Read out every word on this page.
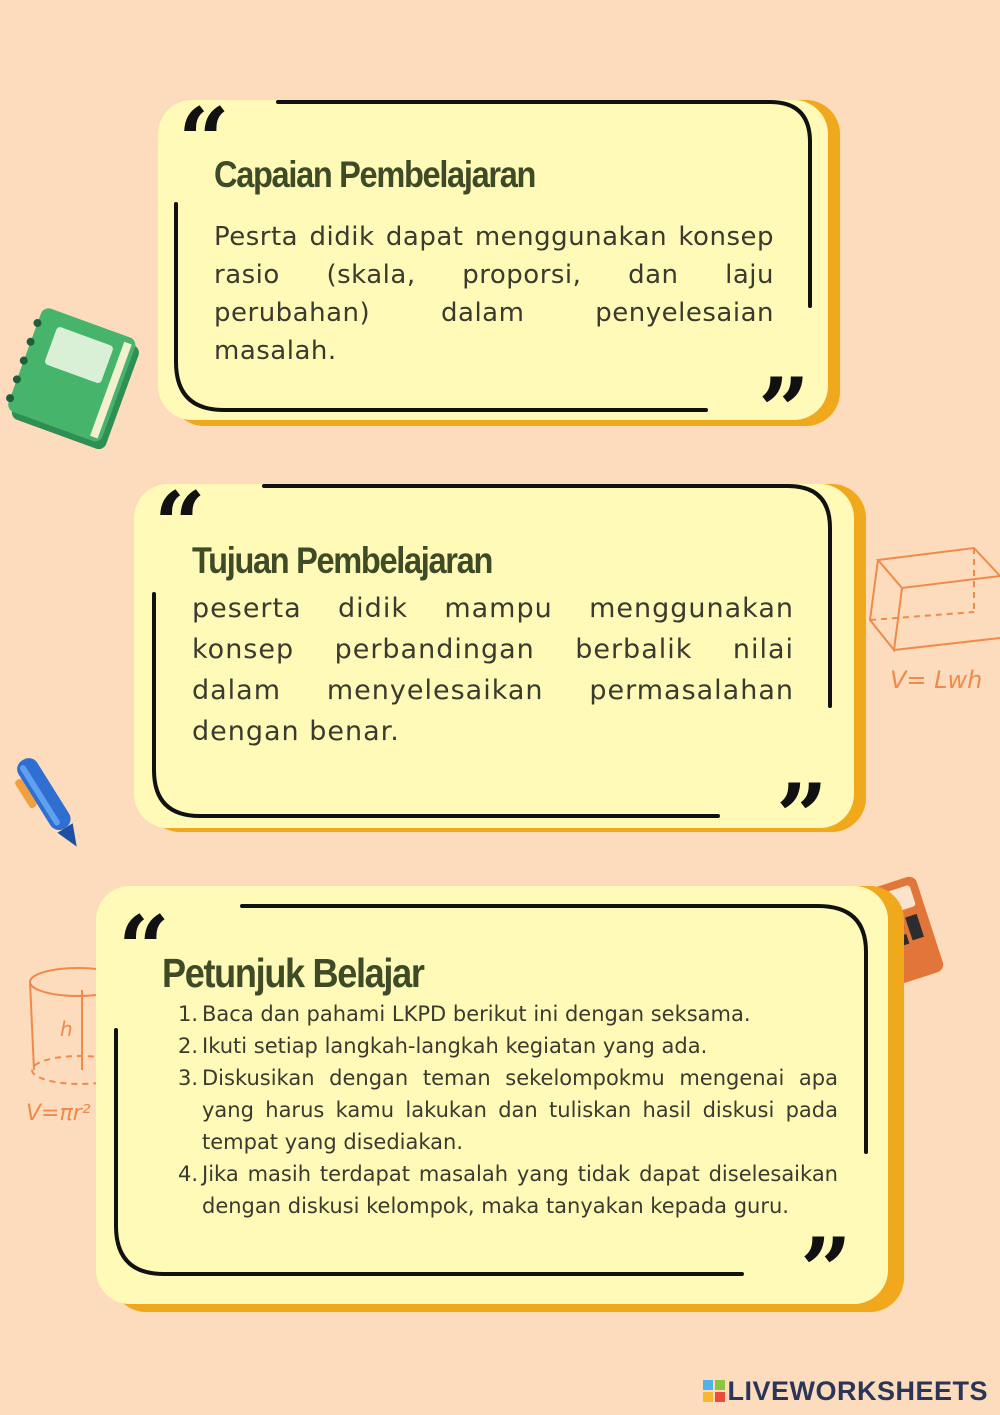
V= Lwh
h
V=πr²
“
”
Capaian Pembelajaran
Pesrta didik dapat menggunakan konsep rasio (skala, proporsi, dan laju perubahan) dalam penyelesaian masalah.
“
”
Tujuan Pembelajaran
peserta didik mampu menggunakan konsep perbandingan berbalik nilai dalam menyelesaikan permasalahan dengan benar.
“
”
Petunjuk Belajar
1. Baca dan pahami LKPD berikut ini dengan seksama.
2. Ikuti setiap langkah-langkah kegiatan yang ada.
3. Diskusikan dengan teman sekelompokmu mengenai apa yang harus kamu lakukan dan tuliskan hasil diskusi pada tempat yang disediakan.
4. Jika masih terdapat masalah yang tidak dapat diselesaikan dengan diskusi kelompok, maka tanyakan kepada guru.
LIVEWORKSHEETS
